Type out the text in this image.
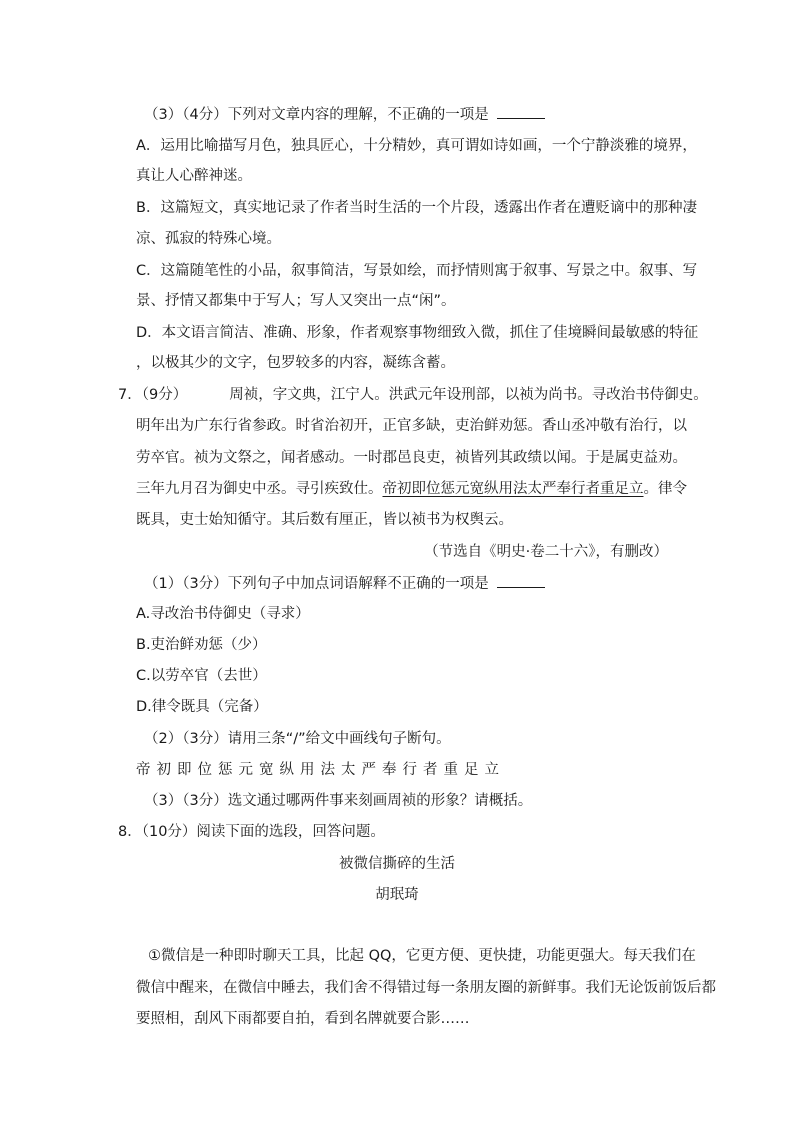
（3）（4分）下列对文章内容的理解，不正确的一项是
A．运用比喻描写月色，独具匠心，十分精妙，真可谓如诗如画，一个宁静淡雅的境界，
真让人心醉神迷。
B．这篇短文，真实地记录了作者当时生活的一个片段，透露出作者在遭贬谪中的那种凄
凉、孤寂的特殊心境。
C．这篇随笔性的小品，叙事简洁，写景如绘，而抒情则寓于叙事、写景之中。叙事、写
景、抒情又都集中于写人；写人又突出一点“闲”。
D．本文语言简洁、准确、形象，作者观察事物细致入微，抓住了佳境瞬间最敏感的特征
，以极其少的文字，包罗较多的内容，凝练含蓄。
7．（9分）	周祯，字文典，江宁人。洪武元年设刑部，以祯为尚书。寻改治书侍御史。
明年出为广东行省参政。时省治初开，正官多缺，吏治鲜劝惩。香山丞冲敬有治行，以
劳卒官。祯为文祭之，闻者感动。一时郡邑良吏，祯皆列其政绩以闻。于是属吏益劝。
三年九月召为御史中丞。寻引疾致仕。帝初即位惩元宽纵用法太严奉行者重足立。律令
既具，吏士始知循守。其后数有厘正，皆以祯书为权舆云。
（节选自《明史·卷二十六》，有删改）
（1）（3分）下列句子中加点词语解释不正确的一项是
A.寻改治书侍御史（寻求）
B.吏治鲜劝惩（少）
C.以劳卒官（去世）
D.律令既具（完备）
（2）（3分）请用三条“/”给文中画线句子断句。
帝初即位惩元宽纵用法太严奉行者重足立
（3）（3分）选文通过哪两件事来刻画周祯的形象？请概括。
8．（10分）阅读下面的选段，回答问题。
被微信撕碎的生活
胡珉琦
①微信是一种即时聊天工具，比起 QQ，它更方便、更快捷，功能更强大。每天我们在
微信中醒来，在微信中睡去，我们舍不得错过每一条朋友圈的新鲜事。我们无论饭前饭后都
要照相，刮风下雨都要自拍，看到名牌就要合影……
